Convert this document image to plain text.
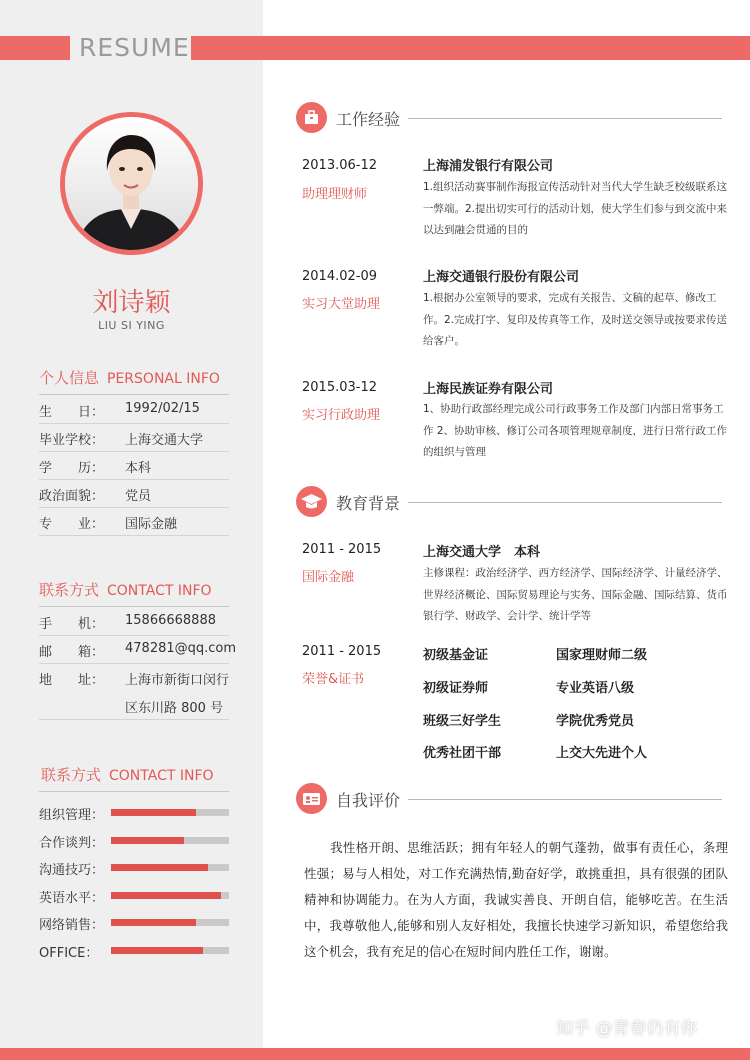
RESUME
刘诗颖
LIU SI YING
个人信息 PERSONAL INFO
生　　日：	1992/02/15
毕业学校：	上海交通大学
学　　历：	本科
政治面貌：	党员
专　　业：	国际金融
联系方式 CONTACT INFO
手　　机：	15866668888
邮　　箱：	478281@qq.com
地　　址：	上海市新街口闵行
区东川路 800 号
联系方式 CONTACT INFO
组织管理：
合作谈判：
沟通技巧：
英语水平：
网络销售：
OFFICE：
工作经验
2013.06-12
助理理财师
上海浦发银行有限公司
1.组织活动赛事制作海报宣传活动针对当代大学生缺乏校级联系这一弊端。2.提出切实可行的活动计划，使大学生们参与到交流中来以达到融会贯通的目的
2014.02-09
实习大堂助理
上海交通银行股份有限公司
1.根据办公室领导的要求，完成有关报告、文稿的起草、修改工作。2.完成打字、复印及传真等工作，及时送交领导或按要求传送给客户。
2015.03-12
实习行政助理
上海民族证券有限公司
1、协助行政部经理完成公司行政事务工作及部门内部日常事务工作 2、协助审核、修订公司各项管理规章制度，进行日常行政工作的组织与管理
教育背景
2011 - 2015
国际金融
上海交通大学　本科
主修课程：政治经济学、西方经济学、国际经济学、计量经济学、世界经济概论、国际贸易理论与实务、国际金融、国际结算、货币银行学、财政学、会计学、统计学等
2011 - 2015
荣誉&证书
初级基金证	国家理财师二级
初级证券师	专业英语八级
班级三好学生	学院优秀党员
优秀社团干部	上交大先进个人
自我评价
我性格开朗、思维活跃；拥有年轻人的朝气蓬勃，做事有责任心，条理性强；易与人相处，对工作充满热情,勤奋好学，敢挑重担，具有很强的团队精神和协调能力。在为人方面，我诚实善良、开朗自信，能够吃苦。在生活中，我尊敬他人,能够和别人友好相处，我擅长快速学习新知识，希望您给我这个机会，我有充足的信心在短时间内胜任工作，谢谢。
知乎 @青春仍有你
